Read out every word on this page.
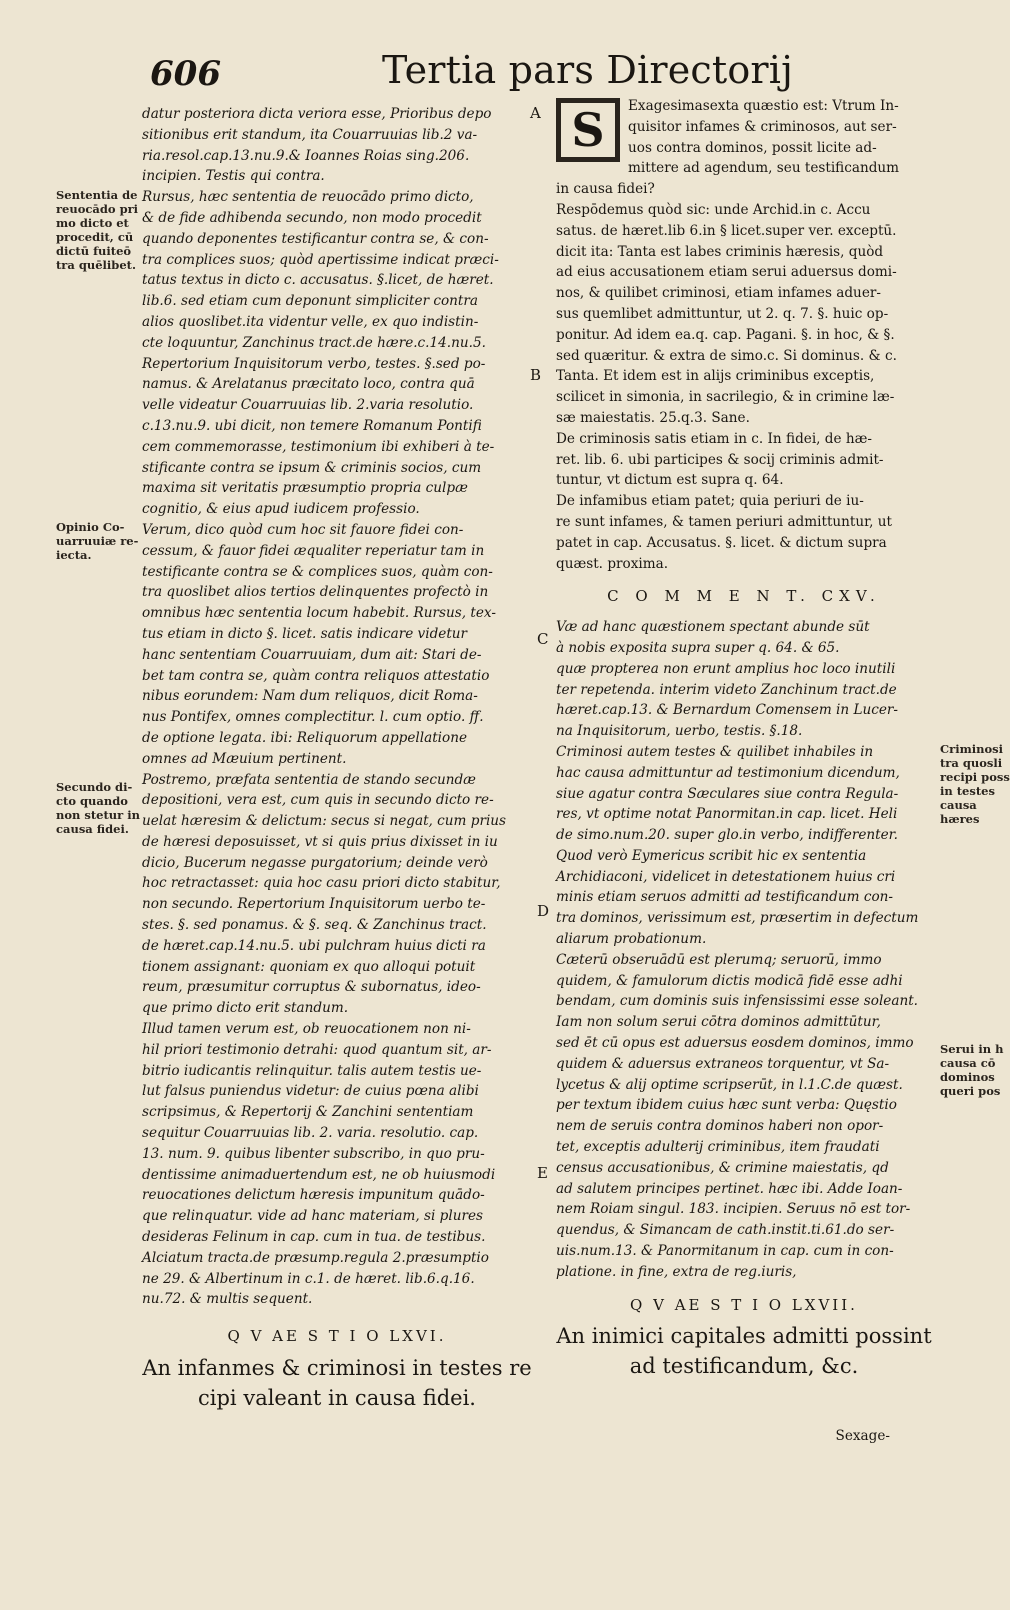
606	Tertia pars Directorij

datur posteriora dicta veriora esse, Prioribus depo
sitionibus erit standum, ita Couarruuias lib.2 va-
ria.resol.cap.13.nu.9.& Ioannes Roias sing.206.
incipien. Testis qui contra.
Rursus, hæc sententia de reuocādo primo dicto,
& de fide adhibenda secundo, non modo procedit
quando deponentes testificantur contra se, & con-
tra complices suos; quòd apertissime indicat præci-
tatus textus in dicto c. accusatus. §.licet, de hæret.
lib.6. sed etiam cum deponunt simpliciter contra
alios quoslibet.ita videntur velle, ex quo indistin-
cte loquuntur, Zanchinus tract.de hære.c.14.nu.5.
Repertorium Inquisitorum verbo, testes. §.sed po-
namus. & Arelatanus præcitato loco, contra quā
velle videatur Couarruuias lib. 2.varia resolutio.
c.13.nu.9. ubi dicit, non temere Romanum Pontifi
cem commemorasse, testimonium ibi exhiberi à te-
stificante contra se ipsum & criminis socios, cum
maxima sit veritatis præsumptio propria culpæ
cognitio, & eius apud iudicem professio.
Verum, dico quòd cum hoc sit fauore fidei con-
cessum, & fauor fidei æqualiter reperiatur tam in
testificante contra se & complices suos, quàm con-
tra quoslibet alios tertios delinquentes profectò in
omnibus hæc sententia locum habebit. Rursus, tex-
tus etiam in dicto §. licet. satis indicare videtur
hanc sententiam Couarruuiam, dum ait: Stari de-
bet tam contra se, quàm contra reliquos attestatio
nibus eorundem: Nam dum reliquos, dicit Roma-
nus Pontifex, omnes complectitur. l. cum optio. ff.
de optione legata. ibi: Reliquorum appellatione
omnes ad Mæuium pertinent.
Postremo, præfata sententia de stando secundæ
depositioni, vera est, cum quis in secundo dicto re-
uelat hæresim & delictum: secus si negat, cum prius
de hæresi deposuisset, vt si quis prius dixisset in iu
dicio, Bucerum negasse purgatorium; deinde verò
hoc retractasset: quia hoc casu priori dicto stabitur,
non secundo. Repertorium Inquisitorum uerbo te-
stes. §. sed ponamus. & §. seq. & Zanchinus tract.
de hæret.cap.14.nu.5. ubi pulchram huius dicti ra
tionem assignant: quoniam ex quo alloqui potuit
reum, præsumitur corruptus & subornatus, ideo-
que primo dicto erit standum.
Illud tamen verum est, ob reuocationem non ni-
hil priori testimonio detrahi: quod quantum sit, ar-
bitrio iudicantis relinquitur. talis autem testis ue-
lut falsus puniendus videtur: de cuius pœna alibi
scripsimus, & Repertorij & Zanchini sententiam
sequitur Couarruuias lib. 2. varia. resolutio. cap.
13. num. 9. quibus libenter subscribo, in quo pru-
dentissime animaduertendum est, ne ob huiusmodi
reuocationes delictum hæresis impunitum quādo-
que relinquatur. vide ad hanc materiam, si plures
desideras Felinum in cap. cum in tua. de testibus.
Alciatum tracta.de præsump.regula 2.præsumptio
ne 29. & Albertinum in c.1. de hæret. lib.6.q.16.
nu.72. & multis sequent.

Q V AE S T I O LXVI.
An infanmes & criminosi in testes re
cipi valeant in causa fidei.
S	Exagesimasexta quæstio est: Vtrum In-
quisitor infames & criminosos, aut ser-
uos contra dominos, possit licite ad-
mittere ad agendum, seu testificandum
in causa fidei?
Respōdemus quòd sic: unde Archid.in c. Accu
satus. de hæret.lib 6.in § licet.super ver. exceptū.
dicit ita: Tanta est labes criminis hæresis, quòd
ad eius accusationem etiam serui aduersus domi-
nos, & quilibet criminosi, etiam infames aduer-
sus quemlibet admittuntur, ut 2. q. 7. §. huic op-
ponitur. Ad idem ea.q. cap. Pagani. §. in hoc, & §.
sed quæritur. & extra de simo.c. Si dominus. & c.
Tanta. Et idem est in alijs criminibus exceptis,
scilicet in simonia, in sacrilegio, & in crimine læ-
sæ maiestatis. 25.q.3. Sane.
De criminosis satis etiam in c. In fidei, de hæ-
ret. lib. 6. ubi participes & socij criminis admit-
tuntur, vt dictum est supra q. 64.
De infamibus etiam patet; quia periuri de iu-
re sunt infames, & tamen periuri admittuntur, ut
patet in cap. Accusatus. §. licet. & dictum supra
quæst. proxima.

C O M M E N T. CXV.

Væ ad hanc quæstionem spectant abunde sūt
à nobis exposita supra super q. 64. & 65.
quæ propterea non erunt amplius hoc loco inutili
ter repetenda. interim videto Zanchinum tract.de
hæret.cap.13. & Bernardum Comensem in Lucer-
na Inquisitorum, uerbo, testis. §.18.
Criminosi autem testes & quilibet inhabiles in
hac causa admittuntur ad testimonium dicendum,
siue agatur contra Sæculares siue contra Regula-
res, vt optime notat Panormitan.in cap. licet. Heli
de simo.num.20. super glo.in verbo, indifferenter.
Quod verò Eymericus scribit hic ex sententia
Archidiaconi, videlicet in detestationem huius cri
minis etiam seruos admitti ad testificandum con-
tra dominos, verissimum est, præsertim in defectum
aliarum probationum.
Cæterū obseruādū est plerumq; seruorū, immo
quidem, & famulorum dictis modicā fidē esse adhi
bendam, cum dominis suis infensissimi esse soleant.
Iam non solum serui cōtra dominos admittūtur,
sed ēt cū opus est aduersus eosdem dominos, immo
quidem & aduersus extraneos torquentur, vt Sa-
lycetus & alij optime scripserūt, in l.1.C.de quæst.
per textum ibidem cuius hæc sunt verba: Quęstio
nem de seruis contra dominos haberi non opor-
tet, exceptis adulterij criminibus, item fraudati
census accusationibus, & crimine maiestatis, qd
ad salutem principes pertinet. hæc ibi. Adde Ioan-
nem Roiam singul. 183. incipien. Seruus nō est tor-
quendus, & Simancam de cath.instit.ti.61.do ser-
uis.num.13. & Panormitanum in cap. cum in con-
platione. in fine, extra de reg.iuris,

Q V AE S T I O LXVII.
An inimici capitales admitti possint
ad testificandum, &c.
Sexage-
Sententia de reuocādo pri mo dicto et procedit, cū dictū fuiteō tra quēlibet.
Opinio Co- uarruuiæ re- iecta.
Secundo di- cto quando non stetur in causa fidei.
Criminosi tra quosli recipi poss in testes causa hæres
Serui in h causa cō dominos queri pos
A
B
C
D
E
